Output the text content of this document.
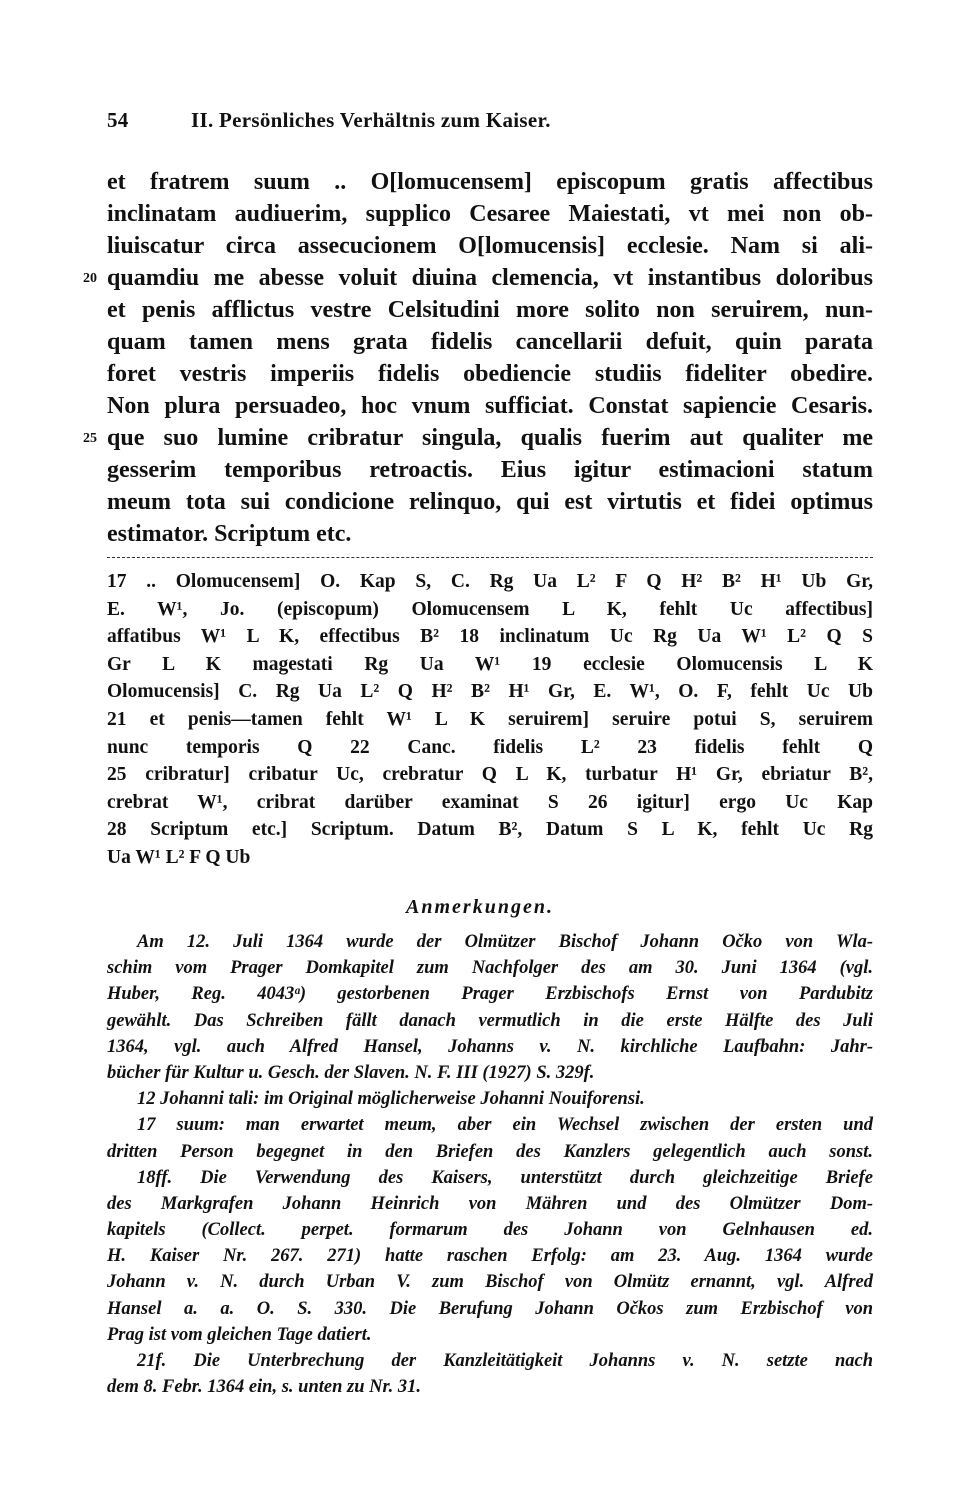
54	II. Persönliches Verhältnis zum Kaiser.
et fratrem suum .. O[lomucensem] episcopum gratis affectibus
inclinatam audiuerim, supplico Cesaree Maiestati, vt mei non ob-
liuiscatur circa assecucionem O[lomucensis] ecclesie. Nam si ali-
20 quamdiu me abesse voluit diuina clemencia, vt instantibus doloribus
et penis afflictus vestre Celsitudini more solito non seruirem, nun-
quam tamen mens grata fidelis cancellarii defuit, quin parata
foret vestris imperiis fidelis obediencie studiis fideliter obedire.
Non plura persuadeo, hoc vnum sufficiat. Constat sapiencie Cesaris.
25 que suo lumine cribratur singula, qualis fuerim aut qualiter me
gesserim temporibus retroactis. Eius igitur estimacioni statum
meum tota sui condicione relinquo, qui est virtutis et fidei optimus
estimator. Scriptum etc.
17 .. Olomucensem] O. Kap S, C. Rg Ua L² F Q H² B² H¹ Ub Gr,
E. W¹, Jo. (episcopum) Olomucensem L K, fehlt Uc affectibus]
affatibus W¹ L K, effectibus B² 18 inclinatum Uc Rg Ua W¹ L² Q S
Gr L K magestati Rg Ua W¹ 19 ecclesie Olomucensis L K
Olomucensis] C. Rg Ua L² Q H² B² H¹ Gr, E. W¹, O. F, fehlt Uc Ub
21 et penis—tamen fehlt W¹ L K seruirem] seruire potui S, seruirem
nunc temporis Q 22 Canc. fidelis L² 23 fidelis fehlt Q
25 cribratur] cribatur Uc, crebratur Q L K, turbatur H¹ Gr, ebriatur B²,
crebrat W¹, cribrat darüber examinat S 26 igitur] ergo Uc Kap
28 Scriptum etc.] Scriptum. Datum B², Datum S L K, fehlt Uc Rg
Ua W¹ L² F Q Ub
Anmerkungen.
Am 12. Juli 1364 wurde der Olmützer Bischof Johann Očko von Wla-
schim vom Prager Domkapitel zum Nachfolger des am 30. Juni 1364 (vgl.
Huber, Reg. 4043ᵃ) gestorbenen Prager Erzbischofs Ernst von Pardubitz
gewählt. Das Schreiben fällt danach vermutlich in die erste Hälfte des Juli
1364, vgl. auch Alfred Hansel, Johanns v. N. kirchliche Laufbahn: Jahr-
bücher für Kultur u. Gesch. der Slaven. N. F. III (1927) S. 329f.
12 Johanni tali: im Original möglicherweise Johanni Nouiforensi.
17 suum: man erwartet meum, aber ein Wechsel zwischen der ersten und
dritten Person begegnet in den Briefen des Kanzlers gelegentlich auch sonst.
18ff. Die Verwendung des Kaisers, unterstützt durch gleichzeitige Briefe
des Markgrafen Johann Heinrich von Mähren und des Olmützer Dom-
kapitels (Collect. perpet. formarum des Johann von Gelnhausen ed.
H. Kaiser Nr. 267. 271) hatte raschen Erfolg: am 23. Aug. 1364 wurde
Johann v. N. durch Urban V. zum Bischof von Olmütz ernannt, vgl. Alfred
Hansel a. a. O. S. 330. Die Berufung Johann Očkos zum Erzbischof von
Prag ist vom gleichen Tage datiert.
21f. Die Unterbrechung der Kanzleitätigkeit Johanns v. N. setzte nach
dem 8. Febr. 1364 ein, s. unten zu Nr. 31.
